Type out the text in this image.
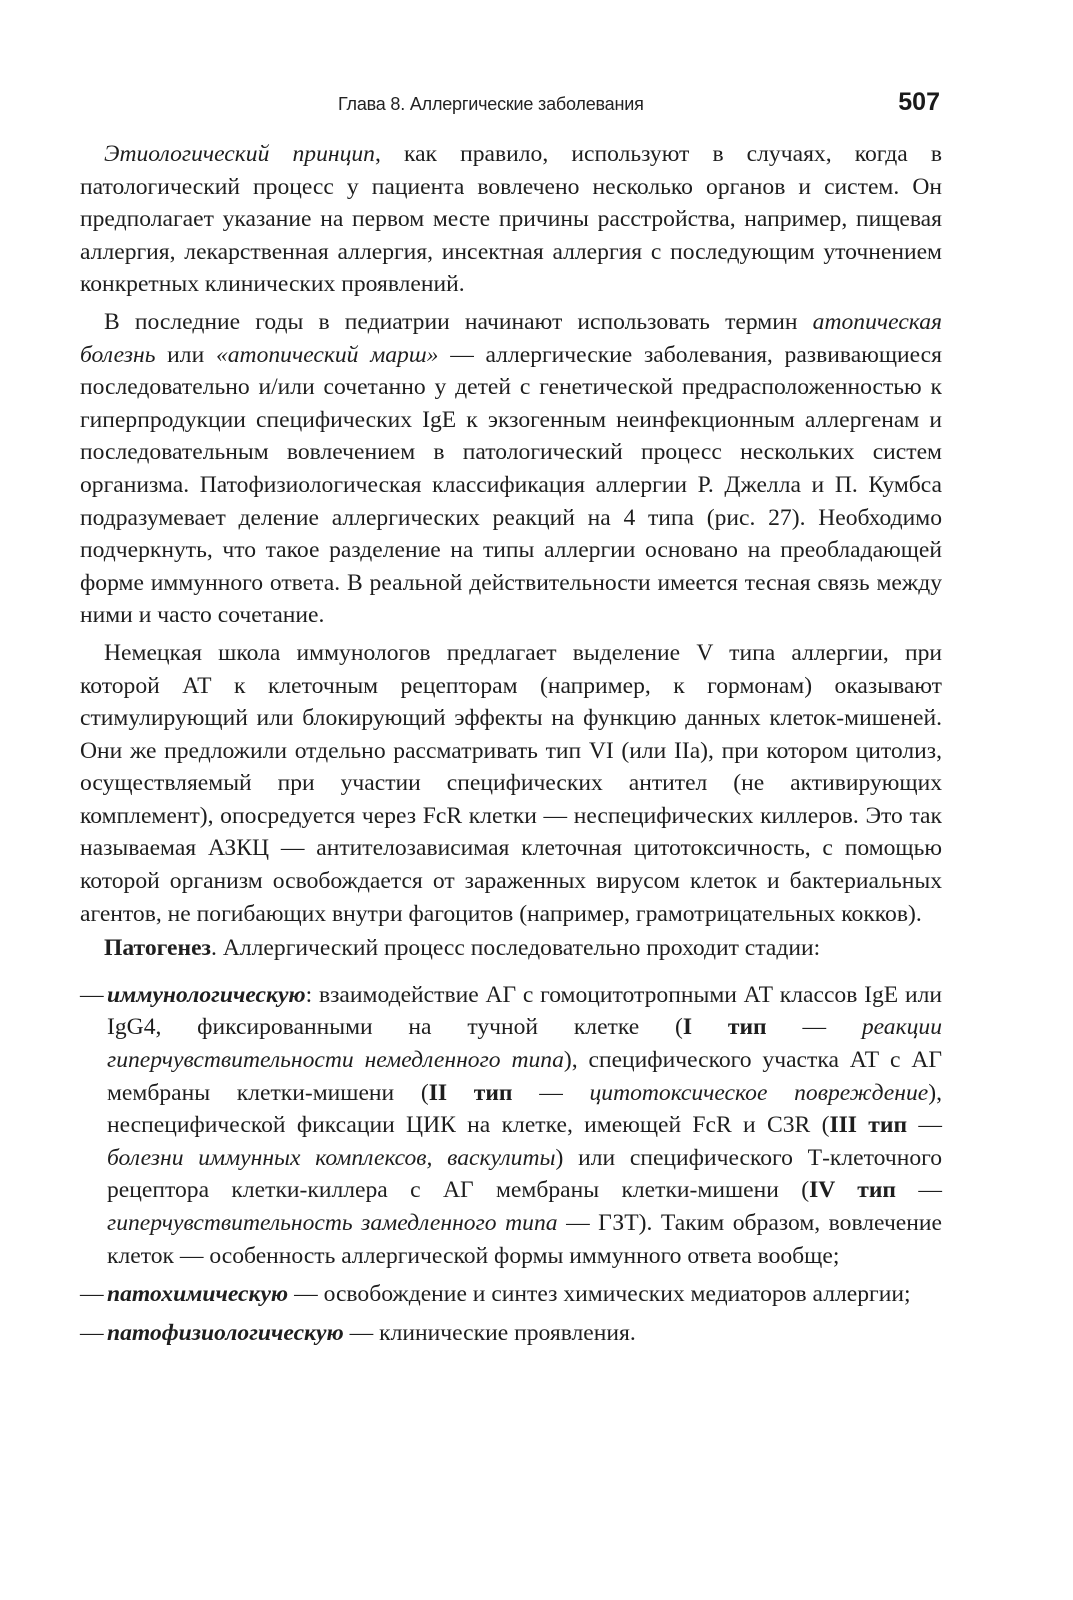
Глава 8. Аллергические заболевания	507

Этиологический принцип, как правило, используют в случаях, когда в патологический процесс у пациента вовлечено несколько органов и систем. Он предполагает указание на первом месте причины расстройства, например, пищевая аллергия, лекарственная аллергия, инсектная аллергия с последующим уточнением конкретных клинических проявлений.

В последние годы в педиатрии начинают использовать термин атопическая болезнь или «атопический марш» — аллергические заболевания, развивающиеся последовательно и/или сочетанно у детей с генетической предрасположенностью к гиперпродукции специфических IgE к экзогенным неинфекционным аллергенам и последовательным вовлечением в патологический процесс нескольких систем организма. Патофизиологическая классификация аллергии Р. Джелла и П. Кумбса подразумевает деление аллергических реакций на 4 типа (рис. 27). Необходимо подчеркнуть, что такое разделение на типы аллергии основано на преобладающей форме иммунного ответа. В реальной действительности имеется тесная связь между ними и часто сочетание.

Немецкая школа иммунологов предлагает выделение V типа аллергии, при которой АТ к клеточным рецепторам (например, к гормонам) оказывают стимулирующий или блокирующий эффекты на функцию данных клеток-мишеней. Они же предложили отдельно рассматривать тип VI (или IIа), при котором цитолиз, осуществляемый при участии специфических антител (не активирующих комплемент), опосредуется через FcR клетки — неспецифических киллеров. Это так называемая АЗКЦ — антителозависимая клеточная цитотоксичность, с помощью которой организм освобождается от зараженных вирусом клеток и бактериальных агентов, не погибающих внутри фагоцитов (например, грамотрицательных кокков).

Патогенез. Аллергический процесс последовательно проходит стадии:

— иммунологическую: взаимодействие АГ с гомоцитотропными АТ классов IgE или IgG4, фиксированными на тучной клетке (I тип — реакции гиперчувствительности немедленного типа), специфического участка АТ с АГ мембраны клетки-мишени (II тип — цитотоксическое повреждение), неспецифической фиксации ЦИК на клетке, имеющей FcR и C3R (III тип — болезни иммунных комплексов, васкулиты) или специфического Т-клеточного рецептора клетки-киллера с АГ мембраны клетки-мишени (IV тип — гиперчувствительность замедленного типа — ГЗТ). Таким образом, вовлечение клеток — особенность аллергической формы иммунного ответа вообще;
— патохимическую — освобождение и синтез химических медиаторов аллергии;
— патофизиологическую — клинические проявления.
